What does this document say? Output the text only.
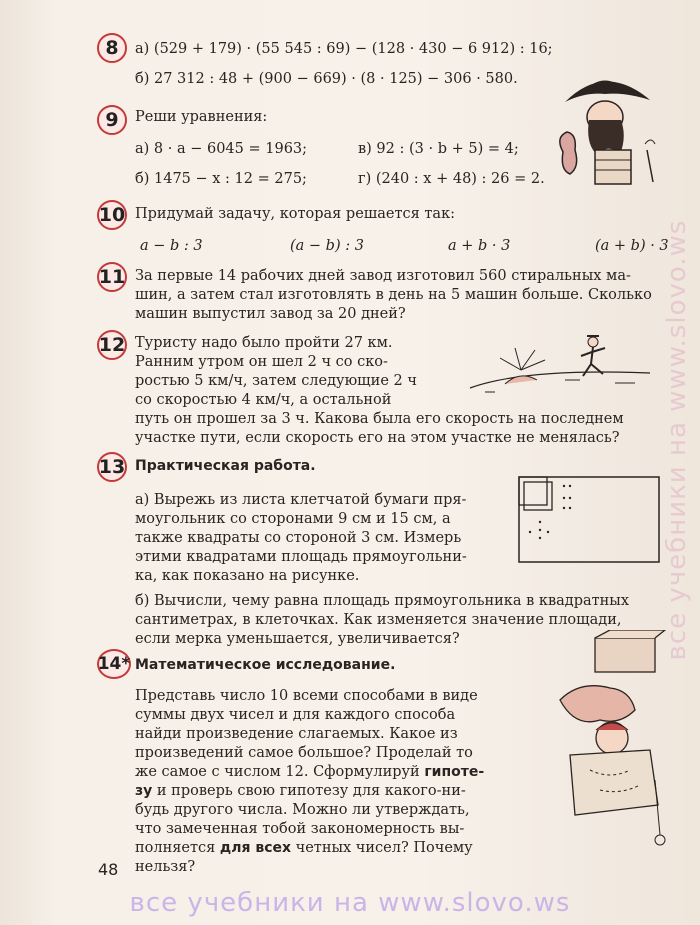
все учебники на www.slovo.ws
8	а) (529 + 179) · (55 545 : 69) − (128 · 430 − 6 912) : 16;
б) 27 312 : 48 + (900 − 669) · (8 · 125) − 306 · 580.
9	Реши уравнения:
а) 8 · a − 6045 = 1963;
б) 1475 − x : 12 = 275;
в) 92 : (3 · b + 5) = 4;
г) (240 : x + 48) : 26 = 2.
10 Придумай задачу, которая решается так:
a − b : 3	(a − b) : 3	a + b · 3	(a + b) · 3
11 За первые 14 рабочих дней завод изготовил 560 стиральных ма-
шин, а затем стал изготовлять в день на 5 машин больше. Сколько
машин выпустил завод за 20 дней?
12 Туристу надо было пройти 27 км.
Ранним утром он шел 2 ч со ско-
ростью 5 км/ч, затем следующие 2 ч
со скоростью 4 км/ч, а остальной
путь он прошел за 3 ч. Какова была его скорость на последнем
участке пути, если скорость его на этом участке не менялась?
13 Практическая работа.
а) Вырежь из листа клетчатой бумаги пря-
моугольник со сторонами 9 см и 15 см, а
также квадраты со стороной 3 см. Измерь
этими квадратами площадь прямоугольни-
ка, как показано на рисунке.
б) Вычисли, чему равна площадь прямоугольника в квадратных
сантиметрах, в клеточках. Как изменяется значение площади,
если мерка уменьшается, увеличивается?
14* Математическое исследование.
Представь число 10 всеми способами в виде
суммы двух чисел и для каждого способа
найди произведение слагаемых. Какое из
произведений самое большое? Проделай то
же самое с числом 12. Сформулируй гипоте-
зу и проверь свою гипотезу для какого-ни-
будь другого числа. Можно ли утверждать,
что замеченная тобой закономерность вы-
полняется для всех четных чисел? Почему
нельзя?
48
все учебники на www.slovo.ws
